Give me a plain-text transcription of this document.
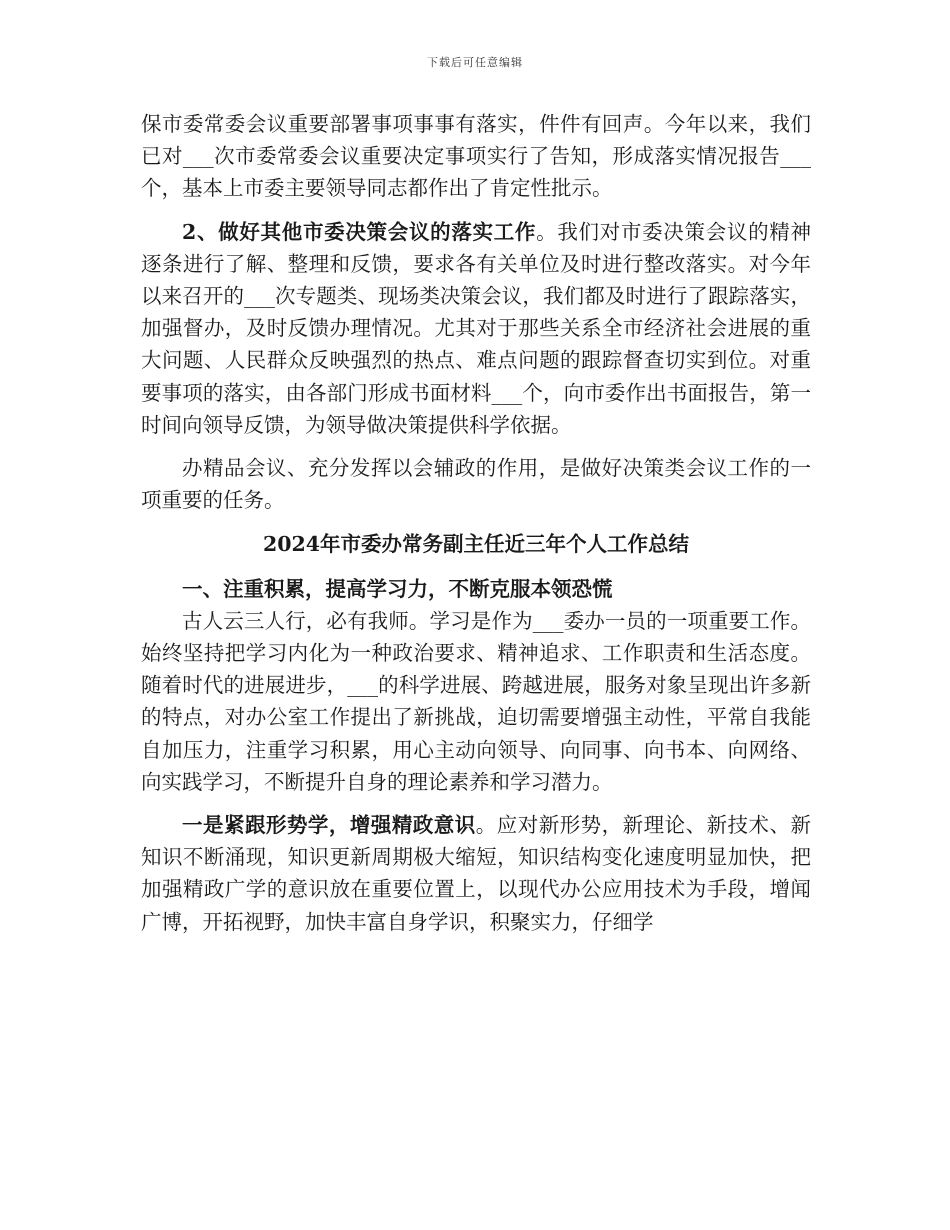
下载后可任意编辑

保市委常委会议重要部署事项事事有落实，件件有回声。今年以来，我们已对___次市委常委会议重要决定事项实行了告知，形成落实情况报告___个，基本上市委主要领导同志都作出了肯定性批示。

2、做好其他市委决策会议的落实工作。我们对市委决策会议的精神逐条进行了解、整理和反馈，要求各有关单位及时进行整改落实。对今年以来召开的___次专题类、现场类决策会议，我们都及时进行了跟踪落实，加强督办，及时反馈办理情况。尤其对于那些关系全市经济社会进展的重大问题、人民群众反映强烈的热点、难点问题的跟踪督查切实到位。对重要事项的落实，由各部门形成书面材料___个，向市委作出书面报告，第一时间向领导反馈，为领导做决策提供科学依据。

办精品会议、充分发挥以会辅政的作用，是做好决策类会议工作的一项重要的任务。

2024年市委办常务副主任近三年个人工作总结

一、注重积累，提高学习力，不断克服本领恐慌

古人云三人行，必有我师。学习是作为___委办一员的一项重要工作。始终坚持把学习内化为一种政治要求、精神追求、工作职责和生活态度。随着时代的进展进步，___的科学进展、跨越进展，服务对象呈现出许多新的特点，对办公室工作提出了新挑战，迫切需要增强主动性，平常自我能自加压力，注重学习积累，用心主动向领导、向同事、向书本、向网络、向实践学习，不断提升自身的理论素养和学习潜力。

一是紧跟形势学，增强精政意识。应对新形势，新理论、新技术、新知识不断涌现，知识更新周期极大缩短，知识结构变化速度明显加快，把加强精政广学的意识放在重要位置上，以现代办公应用技术为手段，增闻广博，开拓视野，加快丰富自身学识，积聚实力，仔细学
